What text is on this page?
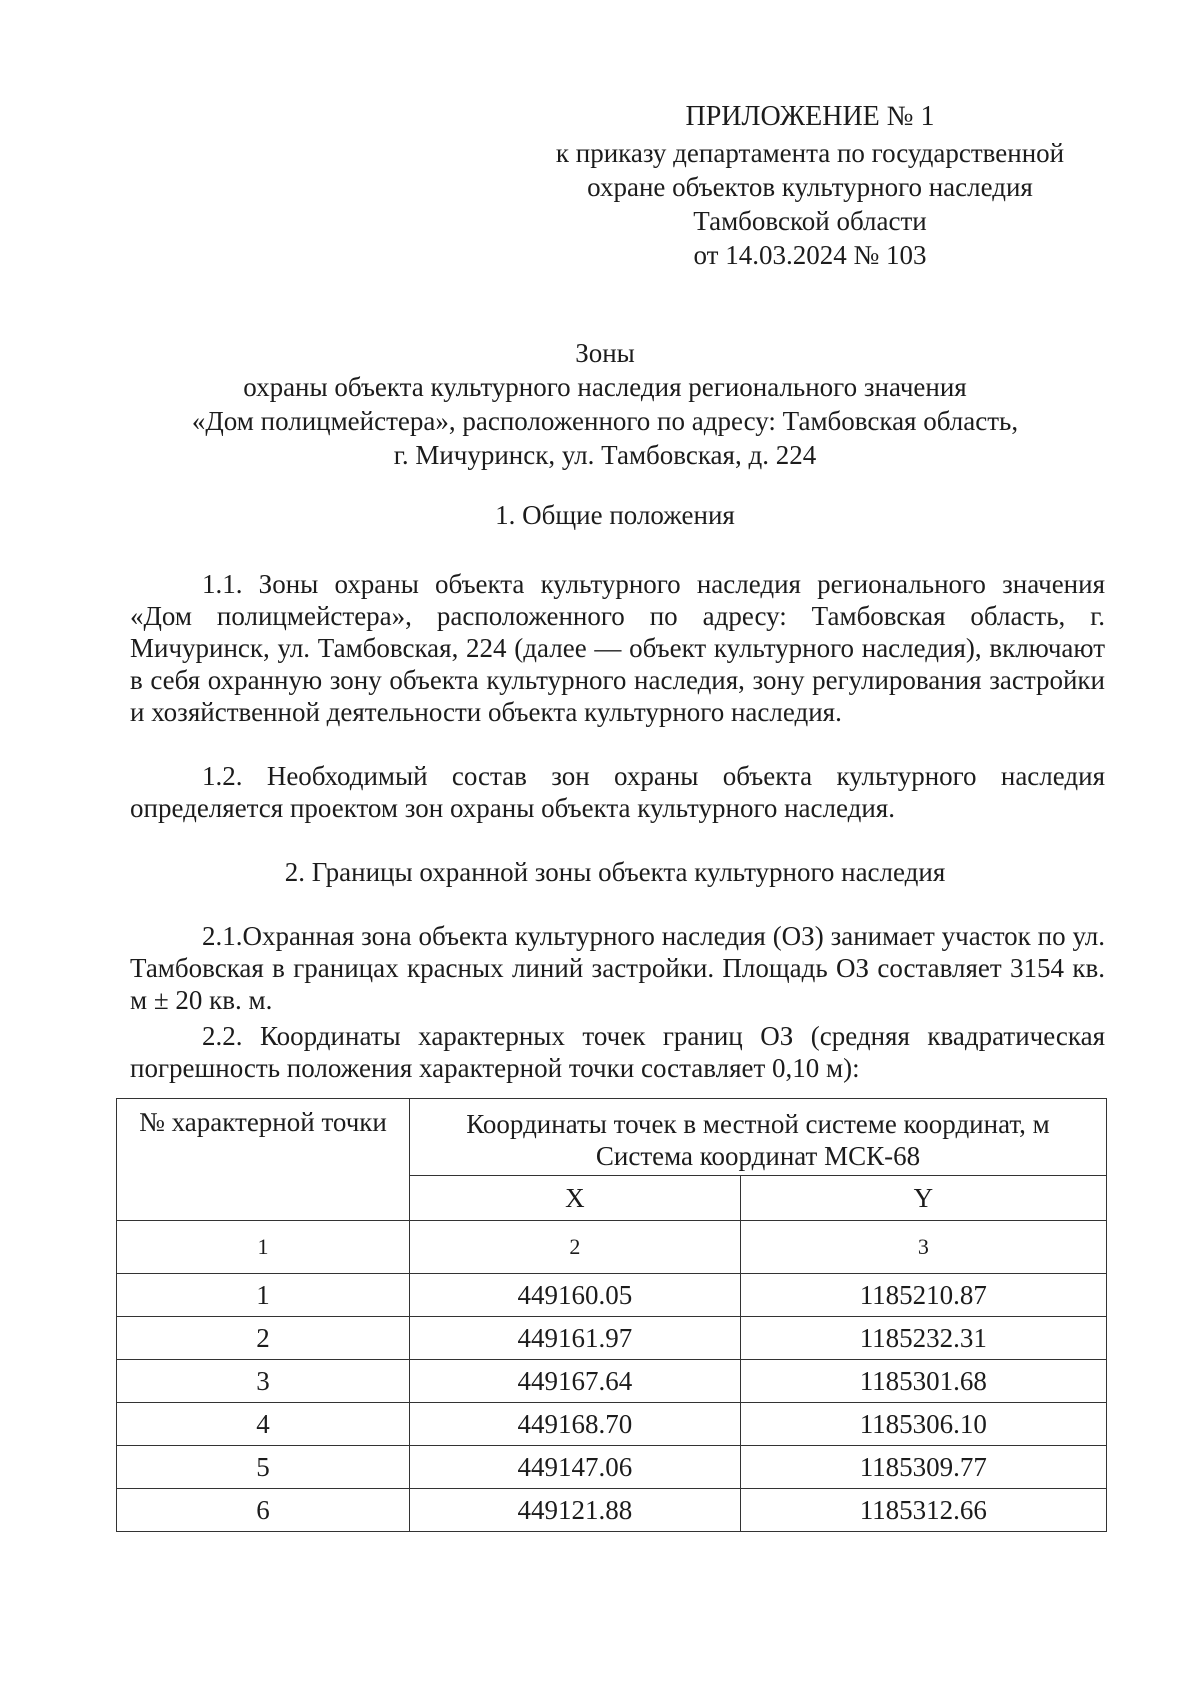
ПРИЛОЖЕНИЕ № 1
к приказу департамента по государственной
охране объектов культурного наследия
Тамбовской области
от 14.03.2024 № 103
Зоны
охраны объекта культурного наследия регионального значения
«Дом полицмейстера», расположенного по адресу: Тамбовская область,
г. Мичуринск, ул. Тамбовская, д. 224
1. Общие положения
1.1. Зоны охраны объекта культурного наследия регионального значения «Дом полицмейстера», расположенного по адресу: Тамбовская область, г. Мичуринск, ул. Тамбовская, 224 (далее — объект культурного наследия), включают в себя охранную зону объекта культурного наследия, зону регулирования застройки и хозяйственной деятельности объекта культурного наследия.
1.2. Необходимый состав зон охраны объекта культурного наследия определяется проектом зон охраны объекта культурного наследия.
2. Границы охранной зоны объекта культурного наследия
2.1.Охранная зона объекта культурного наследия (ОЗ) занимает участок по ул. Тамбовская в границах красных линий застройки. Площадь ОЗ составляет 3154 кв. м ± 20 кв. м.
2.2. Координаты характерных точек границ ОЗ (средняя квадратическая погрешность положения характерной точки составляет 0,10 м):
№ характерной точки	Координаты точек в местной системе координат, м
Система координат МСК-68	
	X	Y
1	2	3
1	449160.05	1185210.87
2	449161.97	1185232.31
3	449167.64	1185301.68
4	449168.70	1185306.10
5	449147.06	1185309.77
6	449121.88	1185312.66
